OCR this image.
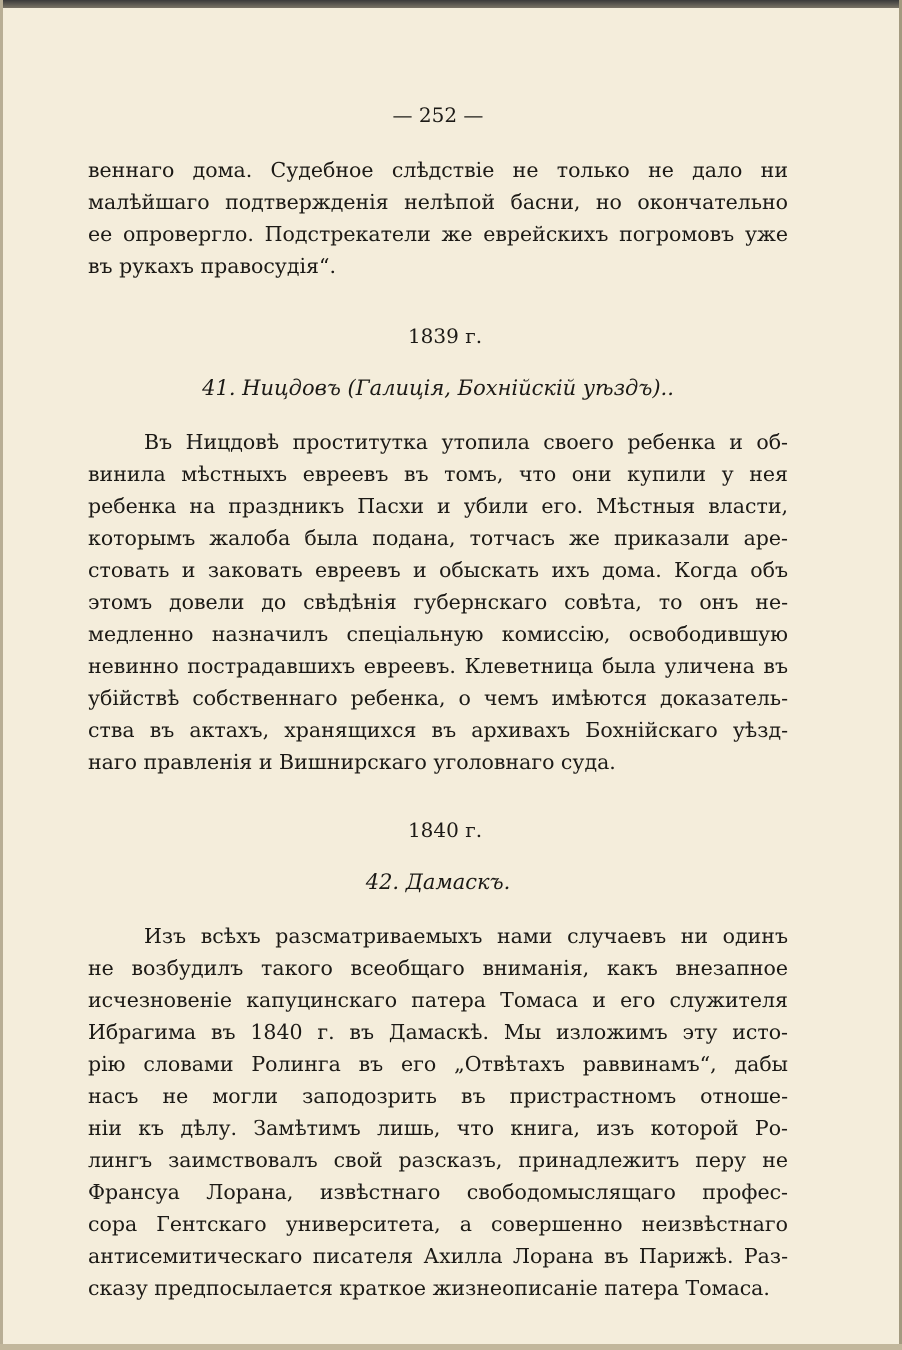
— 252 —
веннаго дома. Судебное слѣдствіе не только не дало ни
малѣйшаго подтвержденія нелѣпой басни, но окончательно
ее опровергло. Подстрекатели же еврейскихъ погромовъ уже
въ рукахъ правосудія“.
1839 г.
41. Ницдовъ (Галиція, Бохнійскій уѣздъ)..
Въ Ницдовѣ проститутка утопила своего ребенка и об-
винила мѣстныхъ евреевъ въ томъ, что они купили у нея
ребенка на праздникъ Пасхи и убили его. Мѣстныя власти,
которымъ жалоба была подана, тотчасъ же приказали аре-
стовать и заковать евреевъ и обыскать ихъ дома. Когда объ
этомъ довели до свѣдѣнія губернскаго совѣта, то онъ не-
медленно назначилъ спеціальную комиссію, освободившую
невинно пострадавшихъ евреевъ. Клеветница была уличена въ
убійствѣ собственнаго ребенка, о чемъ имѣются доказатель-
ства въ актахъ, хранящихся въ архивахъ Бохнійскаго уѣзд-
наго правленія и Вишнирскаго уголовнаго суда.
1840 г.
42. Дамаскъ.
Изъ всѣхъ разсматриваемыхъ нами случаевъ ни одинъ
не возбудилъ такого всеобщаго вниманія, какъ внезапное
исчезновеніе капуцинскаго патера Томаса и его служителя
Ибрагима въ 1840 г. въ Дамаскѣ. Мы изложимъ эту исто-
рію словами Ролинга въ его „Отвѣтахъ раввинамъ“, дабы
насъ не могли заподозрить въ пристрастномъ отноше-
ніи къ дѣлу. Замѣтимъ лишь, что книга, изъ которой Ро-
лингъ заимствовалъ свой разсказъ, принадлежитъ перу не
Франсуа Лорана, извѣстнаго свободомыслящаго профес-
сора Гентскаго университета, а совершенно неизвѣстнаго
антисемитическаго писателя Ахилла Лорана въ Парижѣ. Раз-
сказу предпосылается краткое жизнеописаніе патера Томаса.
